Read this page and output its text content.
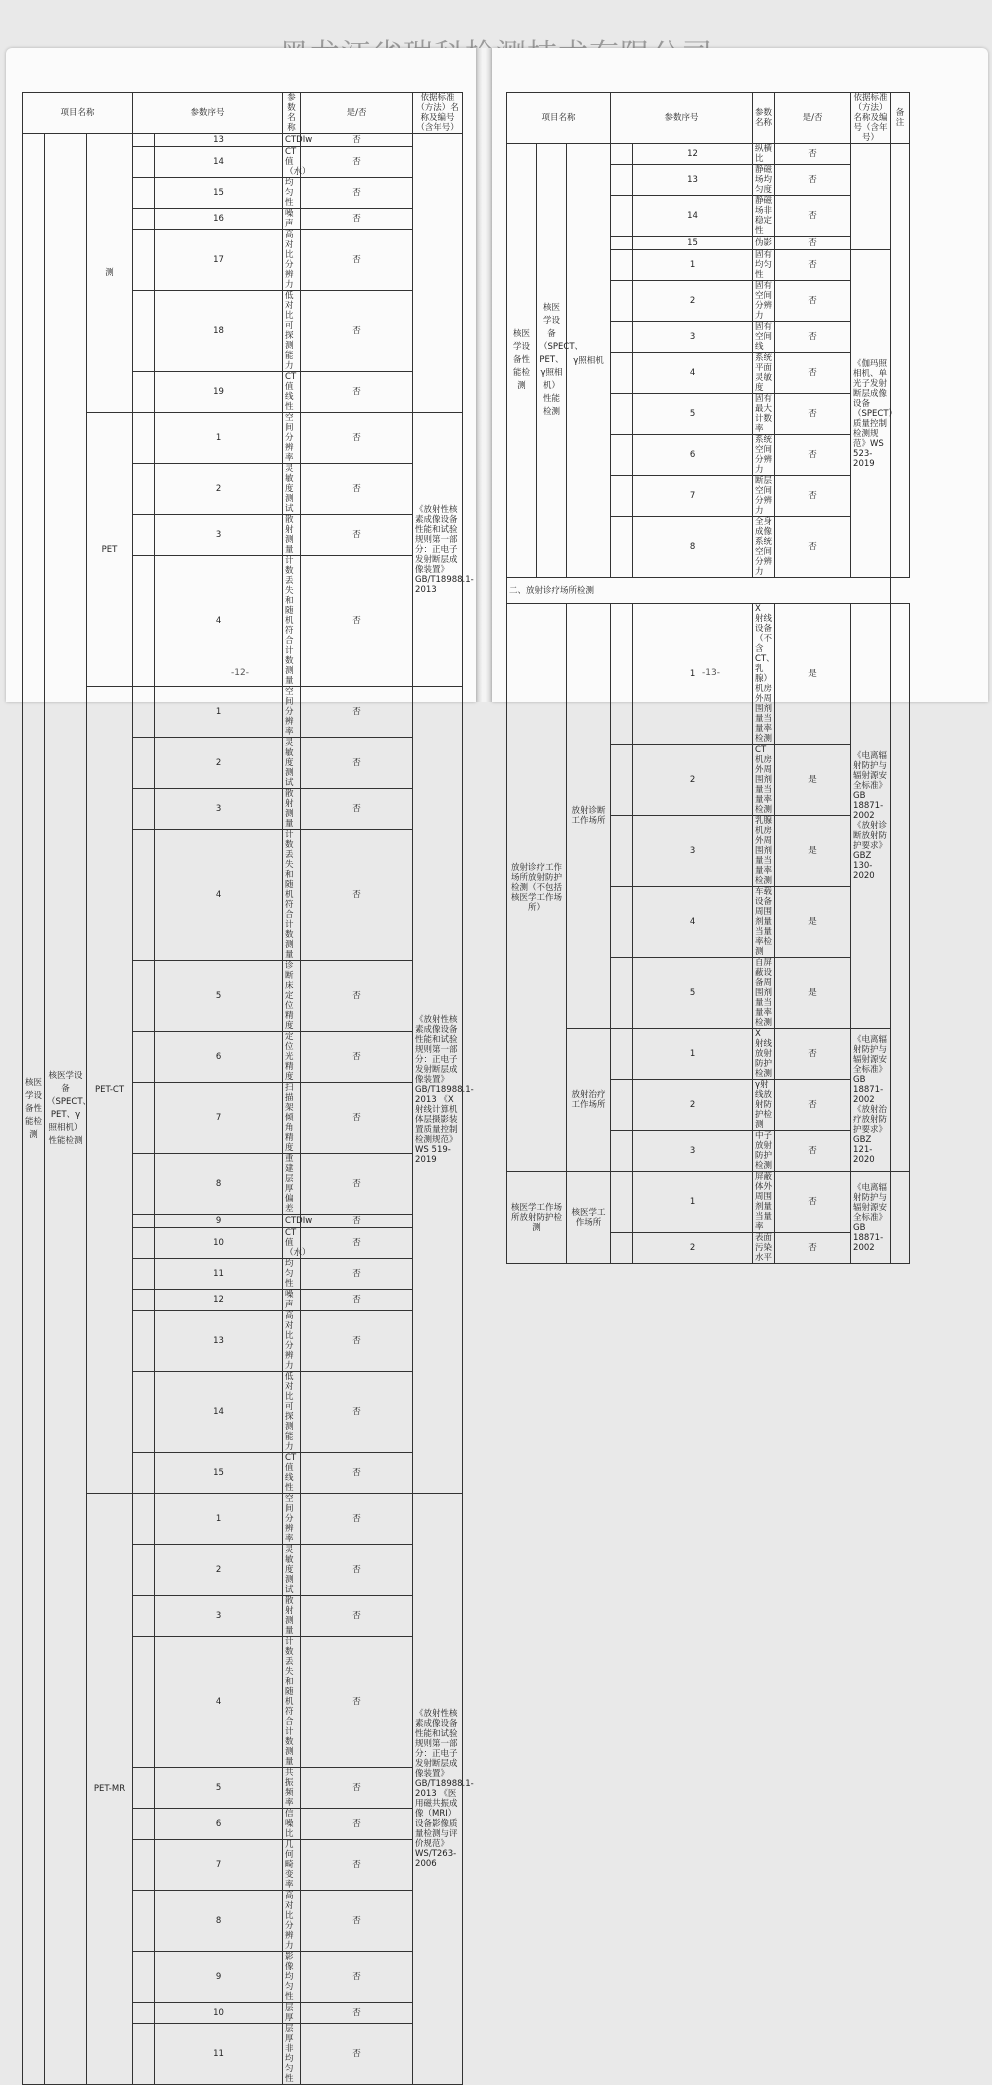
项目名称			参数序号		参数名称	是/否	依据标准（方法）名称及编号（含年号）	
核医学设备性能检测	核医学设备（SPECT、PET、γ照相机）性能检测	测		13	CTDIw	否		
				14	CT 值（水）	否		
				15	均匀性	否		
				16	噪声	否		
				17	高对比分辨力	否		
				18	低对比可探测能力	否		
				19	CT 值线性	否		
		PET		1	空间分辨率	否	《放射性核素成像设备性能和试验规则第一部分：正电子发射断层成像装置》GB/T18988.1-2013	
				2	灵敏度测试	否		
				3	散射测量	否		
				4	计数丢失和随机符合计数测量	否		
		PET-CT		1	空间分辨率	否	《放射性核素成像设备性能和试验规则第一部分：正电子发射断层成像装置》GB/T18988.1-2013 《X 射线计算机体层摄影装置质量控制检测规范》WS 519-2019	
				2	灵敏度测试	否		
				3	散射测量	否		
				4	计数丢失和随机符合计数测量	否		
				5	诊断床定位精度	否		
				6	定位光精度	否		
				7	扫描架倾角精度	否		
				8	重建层厚偏差	否		
				9	CTDIw	否		
				10	CT 值（水）	否		
				11	均匀性	否		
				12	噪声	否		
				13	高对比分辨力	否		
				14	低对比可探测能力	否		
				15	CT 值线性	否		
		PET-MR		1	空间分辨率	否	《放射性核素成像设备性能和试验规则第一部分：正电子发射断层成像装置》GB/T18988.1-2013 《医用磁共振成像（MRI）设备影像质量检测与评价规范》WS/T263-2006	
				2	灵敏度测试	否		
				3	散射测量	否		
				4	计数丢失和随机符合计数测量	否		
				5	共振频率	否		
				6	信噪比	否		
				7	几何畸变率	否		
				8	高对比分辨力	否		
				9	影像均匀性	否		
				10	层厚	否		
				11	层厚非均匀性	否		
-12-
项目名称			参数序号		参数名称	是/否	依据标准（方法）名称及编号（含年号）	备注
核医学设备性能检测	核医学设备（SPECT、PET、γ照相机）性能检测	γ照相机		12	纵横比	否		
				13	静磁场均匀度	否		
				14	静磁场非稳定性	否		
				15	伪影	否		
				1	固有均匀性	否	《伽玛照相机、单光子发射断层成像设备（SPECT）质量控制检测规范》WS 523-2019	
				2	固有空间分辨力	否		
				3	固有空间线	否		
				4	系统平面灵敏度	否		
				5	固有最大计数率	否		
				6	系统空间分辨力	否		
				7	断层空间分辨力	否		
				8	全身成像系统空间分辨力	否		
二、放射诊疗场所检测								
放射诊疗工作场所放射防护检测（不包括核医学工作场所）		放射诊断工作场所		1	X 射线设备（不含 CT、乳腺）机房外周围剂量当量率检测	是	《电离辐射防护与辐射源安全标准》GB 18871-2002 《放射诊断放射防护要求》GBZ 130-2020	
				2	CT 机房外周围剂量当量率检测	是		
				3	乳腺机房外周围剂量当量率检测	是		
				4	车载设备周围剂量当量率检测	是		
				5	自屏蔽设备周围剂量当量率检测	是		
		放射治疗工作场所		1	X 射线放射防护检测	否	《电离辐射防护与辐射源安全标准》GB 18871-2002 《放射治疗放射防护要求》GBZ 121-2020	
				2	γ射线放射防护检测	否		
				3	中子放射防护检测	否		
核医学工作场所放射防护检测		核医学工作场所		1	屏蔽体外周围剂量当量率	否	《电离辐射防护与辐射源安全标准》GB 18871-2002	
				2	表面污染水平	否		
-13-
